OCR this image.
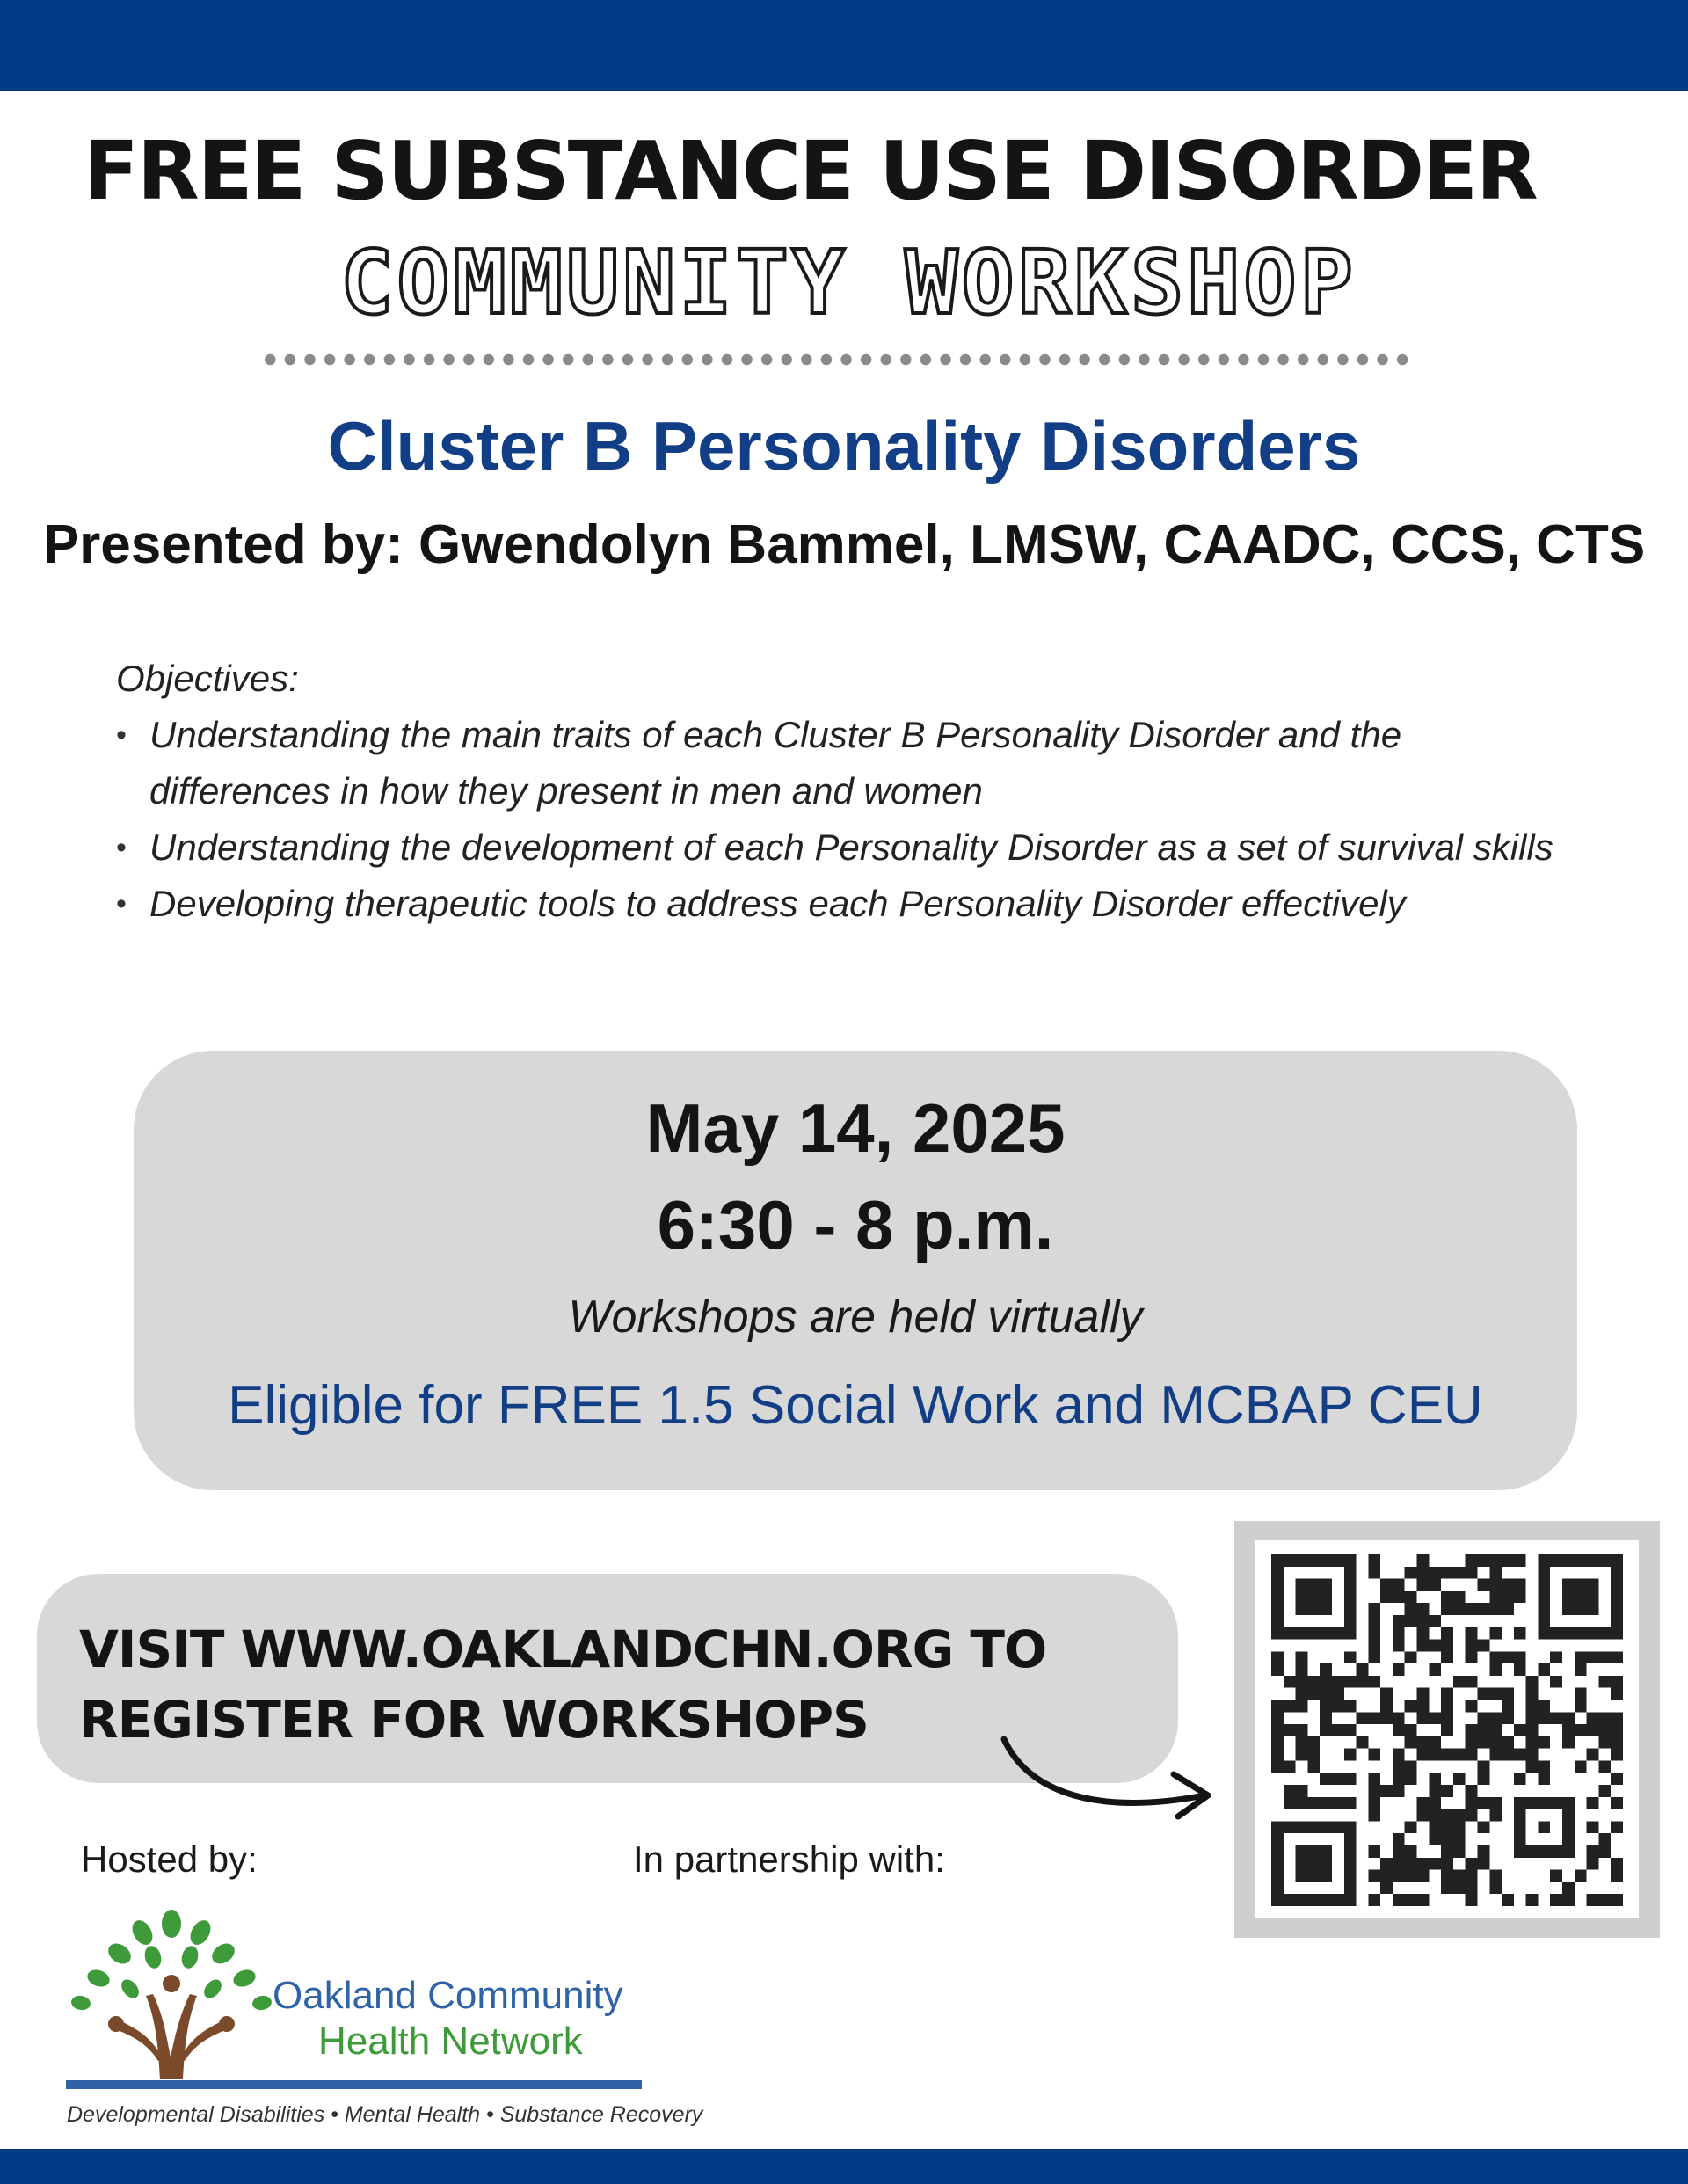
FREE SUBSTANCE USE DISORDER
COMMUNITY WORKSHOP
Cluster B Personality Disorders
Presented by: Gwendolyn Bammel, LMSW, CAADC, CCS, CTS
Objectives:
• Understanding the main traits of each Cluster B Personality Disorder and the differences in how they present in men and women
• Understanding the development of each Personality Disorder as a set of survival skills
• Developing therapeutic tools to address each Personality Disorder effectively
May 14, 2025
6:30 - 8 p.m.
Workshops are held virtually
Eligible for FREE 1.5 Social Work and MCBAP CEU
VISIT WWW.OAKLANDCHN.ORG TO
REGISTER FOR WORKSHOPS
Hosted by:	In partnership with:
Oakland Community
Health Network
Developmental Disabilities • Mental Health • Substance Recovery
